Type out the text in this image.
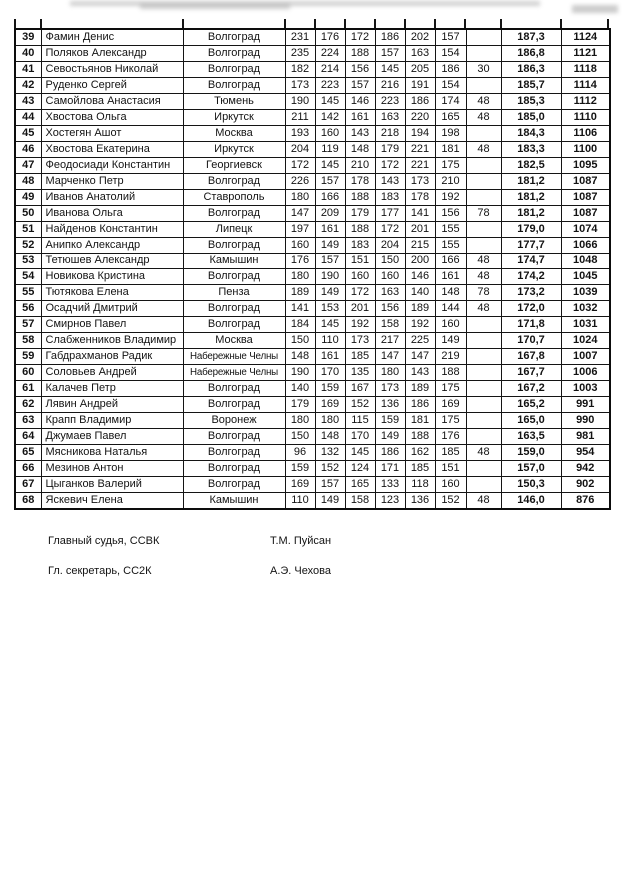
39	Фамин Денис	Волгоград	231	176	172	186	202	157		187,3	1124
40	Поляков Александр	Волгоград	235	224	188	157	163	154		186,8	1121
41	Севостьянов Николай	Волгоград	182	214	156	145	205	186	30	186,3	1118
42	Руденко Сергей	Волгоград	173	223	157	216	191	154		185,7	1114
43	Самойлова Анастасия	Тюмень	190	145	146	223	186	174	48	185,3	1112
44	Хвостова Ольга	Иркутск	211	142	161	163	220	165	48	185,0	1110
45	Хостегян Ашот	Москва	193	160	143	218	194	198		184,3	1106
46	Хвостова Екатерина	Иркутск	204	119	148	179	221	181	48	183,3	1100
47	Феодосиади Константин	Георгиевск	172	145	210	172	221	175		182,5	1095
48	Марченко Петр	Волгоград	226	157	178	143	173	210		181,2	1087
49	Иванов Анатолий	Ставрополь	180	166	188	183	178	192		181,2	1087
50	Иванова Ольга	Волгоград	147	209	179	177	141	156	78	181,2	1087
51	Найденов Константин	Липецк	197	161	188	172	201	155		179,0	1074
52	Анипко Александр	Волгоград	160	149	183	204	215	155		177,7	1066
53	Тетюшев Александр	Камышин	176	157	151	150	200	166	48	174,7	1048
54	Новикова Кристина	Волгоград	180	190	160	160	146	161	48	174,2	1045
55	Тютякова Елена	Пенза	189	149	172	163	140	148	78	173,2	1039
56	Осадчий Дмитрий	Волгоград	141	153	201	156	189	144	48	172,0	1032
57	Смирнов Павел	Волгоград	184	145	192	158	192	160		171,8	1031
58	Слабженников Владимир	Москва	150	110	173	217	225	149		170,7	1024
59	Габдрахманов Радик	Набережные Челны	148	161	185	147	147	219		167,8	1007
60	Соловьев Андрей	Набережные Челны	190	170	135	180	143	188		167,7	1006
61	Калачев Петр	Волгоград	140	159	167	173	189	175		167,2	1003
62	Лявин Андрей	Волгоград	179	169	152	136	186	169		165,2	991
63	Крапп Владимир	Воронеж	180	180	115	159	181	175		165,0	990
64	Джумаев Павел	Волгоград	150	148	170	149	188	176		163,5	981
65	Мясникова Наталья	Волгоград	96	132	145	186	162	185	48	159,0	954
66	Мезинов Антон	Волгоград	159	152	124	171	185	151		157,0	942
67	Цыганков Валерий	Волгоград	169	157	165	133	118	160		150,3	902
68	Яскевич Елена	Камышин	110	149	158	123	136	152	48	146,0	876
Главный судья, ССВК	Т.М. Пуйсан
Гл. секретарь, СС2К	А.Э. Чехова
